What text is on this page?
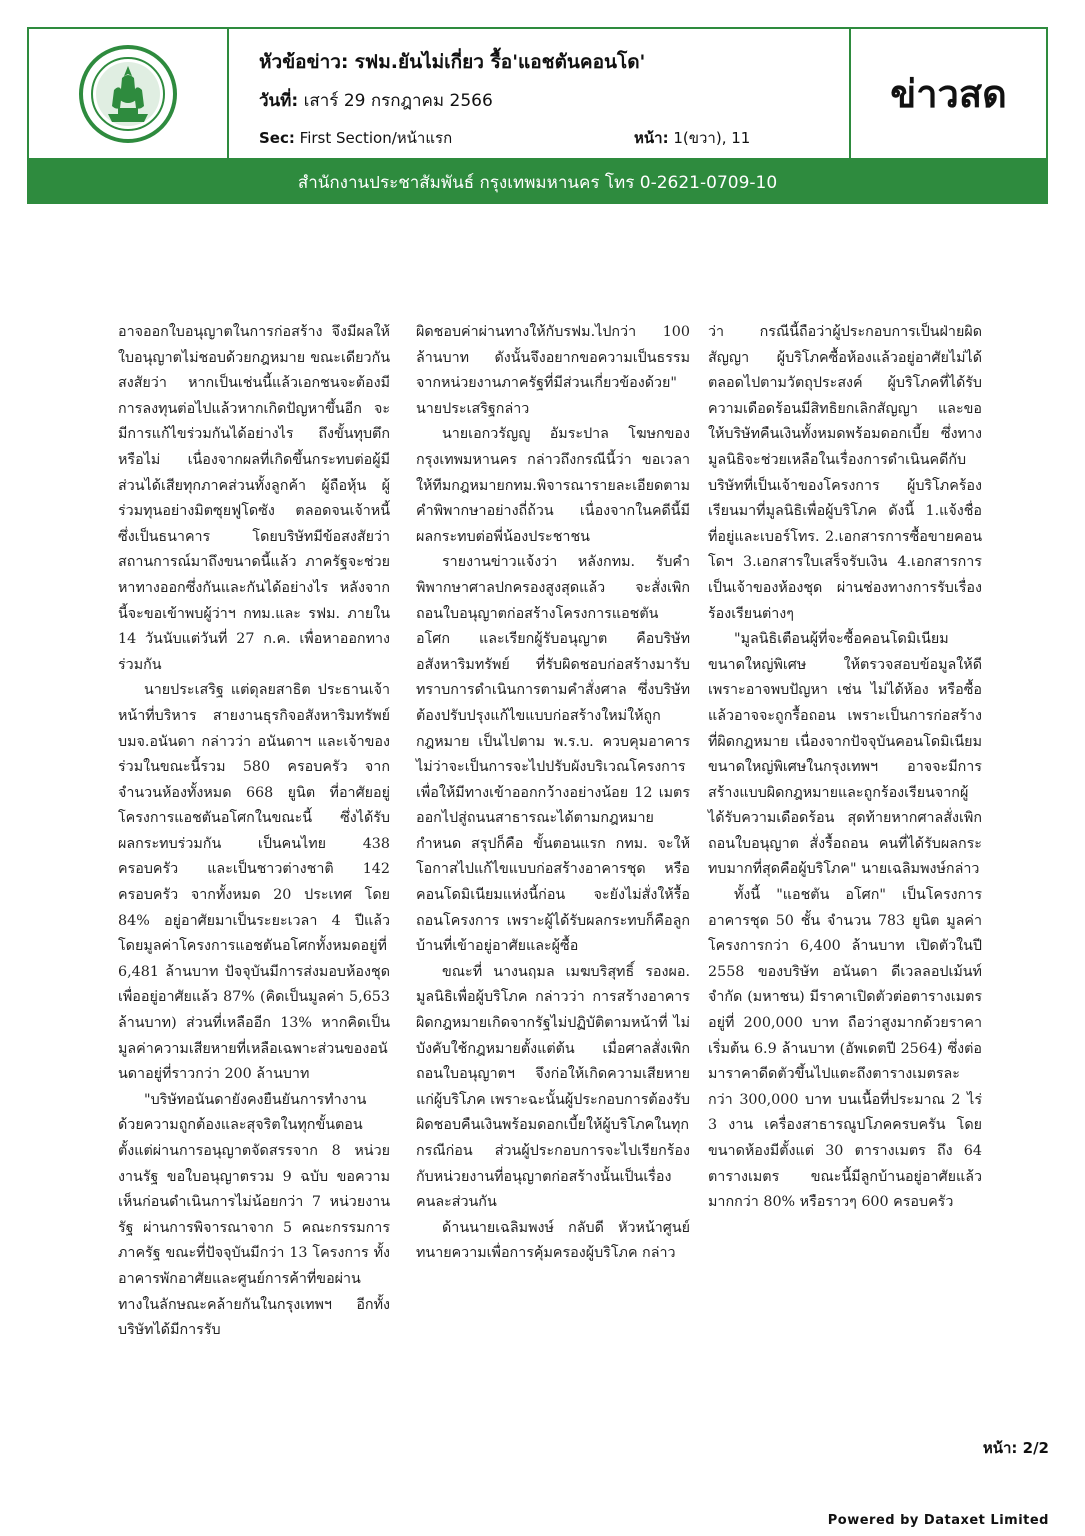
หัวข้อข่าว: รฟม.ยันไม่เกี่ยว รื้อ'แอชตันคอนโด'
วันที่: เสาร์ 29 กรกฎาคม 2566
Sec: First Section/หน้าแรก	หน้า: 1(ขวา), 11
ข่าวสด
สำนักงานประชาสัมพันธ์ กรุงเทพมหานคร โทร 0-2621-0709-10

อาจออกใบอนุญาตในการก่อสร้าง จึงมีผลให้ใบอนุญาตไม่ชอบด้วยกฎหมาย ขณะเดียวกันสงสัยว่า หากเป็นเช่นนี้แล้วเอกชนจะต้องมีการลงทุนต่อไปแล้วหากเกิดปัญหาขึ้นอีก จะมีการแก้ไขร่วมกันได้อย่างไร ถึงขั้นทุบตึกหรือไม่ เนื่องจากผลที่เกิดขึ้นกระทบต่อผู้มีส่วนได้เสียทุกภาคส่วนทั้งลูกค้า ผู้ถือหุ้น ผู้ร่วมทุนอย่างมิตซุยฟูโดซัง ตลอดจนเจ้าหนี้ซึ่งเป็นธนาคาร โดยบริษัทมีข้อสงสัยว่าสถานการณ์มาถึงขนาดนี้แล้ว ภาครัฐจะช่วยหาทางออกซึ่งกันและกันได้อย่างไร หลังจากนี้จะขอเข้าพบผู้ว่าฯ กทม.และ รฟม. ภายใน 14 วันนับแต่วันที่ 27 ก.ค. เพื่อหาออกทางร่วมกัน

นายประเสริฐ แต่ดุลยสาธิต ประธานเจ้าหน้าที่บริหาร สายงานธุรกิจอสังหาริมทรัพย์ บมจ.อนันดา กล่าวว่า อนันดาฯ และเจ้าของร่วมในขณะนี้รวม 580 ครอบครัว จากจำนวนห้องทั้งหมด 668 ยูนิต ที่อาศัยอยู่โครงการแอชตันอโศกในขณะนี้ ซึ่งได้รับผลกระทบร่วมกัน เป็นคนไทย 438 ครอบครัว และเป็นชาวต่างชาติ 142 ครอบครัว จากทั้งหมด 20 ประเทศ โดย 84% อยู่อาศัยมาเป็นระยะเวลา 4 ปีแล้ว โดยมูลค่าโครงการแอชตันอโศกทั้งหมดอยู่ที่ 6,481 ล้านบาท ปัจจุบันมีการส่งมอบห้องชุดเพื่ออยู่อาศัยแล้ว 87% (คิดเป็นมูลค่า 5,653 ล้านบาท) ส่วนที่เหลืออีก 13% หากคิดเป็นมูลค่าความเสียหายที่เหลือเฉพาะส่วนของอนันดาอยู่ที่ราวกว่า 200 ล้านบาท

"บริษัทอนันดายังคงยืนยันการทำงานด้วยความถูกต้องและสุจริตในทุกขั้นตอนตั้งแต่ผ่านการอนุญาตจัดสรรจาก 8 หน่วยงานรัฐ ขอใบอนุญาตรวม 9 ฉบับ ขอความเห็นก่อนดำเนินการไม่น้อยกว่า 7 หน่วยงานรัฐ ผ่านการพิจารณาจาก 5 คณะกรรมการภาครัฐ ขณะที่ปัจจุบันมีกว่า 13 โครงการ ทั้งอาคารพักอาศัยและศูนย์การค้าที่ขอผ่านทางในลักษณะคล้ายกันในกรุงเทพฯ อีกทั้งบริษัทได้มีการรับ

ผิดชอบค่าผ่านทางให้กับรฟม.ไปกว่า 100 ล้านบาท ดังนั้นจึงอยากขอความเป็นธรรมจากหน่วยงานภาครัฐที่มีส่วนเกี่ยวข้องด้วย" นายประเสริฐกล่าว

นายเอกวรัญญู อัมระปาล โฆษกของกรุงเทพมหานคร กล่าวถึงกรณีนี้ว่า ขอเวลาให้ทีมกฎหมายกทม.พิจารณารายละเอียดตามคำพิพากษาอย่างถี่ถ้วน เนื่องจากในคดีนี้มีผลกระทบต่อพี่น้องประชาชน

รายงานข่าวแจ้งว่า หลังกทม. รับคำพิพากษาศาลปกครองสูงสุดแล้ว จะสั่งเพิกถอนใบอนุญาตก่อสร้างโครงการแอชตัน อโศก และเรียกผู้รับอนุญาต คือบริษัท อสังหาริมทรัพย์ ที่รับผิดชอบก่อสร้างมารับทราบการดำเนินการตามคำสั่งศาล ซึ่งบริษัทต้องปรับปรุงแก้ไขแบบก่อสร้างใหม่ให้ถูกกฎหมาย เป็นไปตาม พ.ร.บ. ควบคุมอาคาร ไม่ว่าจะเป็นการจะไปปรับผังบริเวณโครงการ เพื่อให้มีทางเข้าออกกว้างอย่างน้อย 12 เมตร ออกไปสู่ถนนสาธารณะได้ตามกฎหมายกำหนด สรุปก็คือ ขั้นตอนแรก กทม. จะให้โอกาสไปแก้ไขแบบก่อสร้างอาคารชุด หรือคอนโดมิเนียมแห่งนี้ก่อน จะยังไม่สั่งให้รื้อถอนโครงการ เพราะผู้ได้รับผลกระทบก็คือลูกบ้านที่เข้าอยู่อาศัยและผู้ซื้อ

ขณะที่ นางนฤมล เมฆบริสุทธิ์ รองผอ. มูลนิธิเพื่อผู้บริโภค กล่าวว่า การสร้างอาคารผิดกฎหมายเกิดจากรัฐไม่ปฏิบัติตามหน้าที่ ไม่บังคับใช้กฎหมายตั้งแต่ต้น เมื่อศาลสั่งเพิกถอนใบอนุญาตฯ จึงก่อให้เกิดความเสียหายแก่ผู้บริโภค เพราะฉะนั้นผู้ประกอบการต้องรับผิดชอบคืนเงินพร้อมดอกเบี้ยให้ผู้บริโภคในทุกกรณีก่อน ส่วนผู้ประกอบการจะไปเรียกร้องกับหน่วยงานที่อนุญาตก่อสร้างนั้นเป็นเรื่องคนละส่วนกัน

ด้านนายเฉลิมพงษ์ กลับดี หัวหน้าศูนย์ทนายความเพื่อการคุ้มครองผู้บริโภค กล่าว

ว่า กรณีนี้ถือว่าผู้ประกอบการเป็นฝ่ายผิดสัญญา ผู้บริโภคซื้อห้องแล้วอยู่อาศัยไม่ได้ตลอดไปตามวัตถุประสงค์ ผู้บริโภคที่ได้รับความเดือดร้อนมีสิทธิยกเลิกสัญญา และขอให้บริษัทคืนเงินทั้งหมดพร้อมดอกเบี้ย ซึ่งทางมูลนิธิจะช่วยเหลือในเรื่องการดำเนินคดีกับบริษัทที่เป็นเจ้าของโครงการ ผู้บริโภคร้องเรียนมาที่มูลนิธิเพื่อผู้บริโภค ดังนี้ 1.แจ้งชื่อ ที่อยู่และเบอร์โทร. 2.เอกสารการซื้อขายคอนโดฯ 3.เอกสารใบเสร็จรับเงิน 4.เอกสารการเป็นเจ้าของห้องชุด ผ่านช่องทางการรับเรื่องร้องเรียนต่างๆ

"มูลนิธิเตือนผู้ที่จะซื้อคอนโดมิเนียมขนาดใหญ่พิเศษ ให้ตรวจสอบข้อมูลให้ดี เพราะอาจพบปัญหา เช่น ไม่ได้ห้อง หรือซื้อแล้วอาจจะถูกรื้อถอน เพราะเป็นการก่อสร้างที่ผิดกฎหมาย เนื่องจากปัจจุบันคอนโดมิเนียมขนาดใหญ่พิเศษในกรุงเทพฯ อาจจะมีการสร้างแบบผิดกฎหมายและถูกร้องเรียนจากผู้ได้รับความเดือดร้อน สุดท้ายหากศาลสั่งเพิกถอนใบอนุญาต สั่งรื้อถอน คนที่ได้รับผลกระทบมากที่สุดคือผู้บริโภค" นายเฉลิมพงษ์กล่าว

ทั้งนี้ "แอชตัน อโศก" เป็นโครงการอาคารชุด 50 ชั้น จำนวน 783 ยูนิต มูลค่าโครงการกว่า 6,400 ล้านบาท เปิดตัวในปี 2558 ของบริษัท อนันดา ดีเวลลอปเม้นท์ จำกัด (มหาชน) มีราคาเปิดตัวต่อตารางเมตรอยู่ที่ 200,000 บาท ถือว่าสูงมากด้วยราคาเริ่มต้น 6.9 ล้านบาท (อัพเดตปี 2564) ซึ่งต่อมาราคาดีดตัวขึ้นไปแตะถึงตารางเมตรละกว่า 300,000 บาท บนเนื้อที่ประมาณ 2 ไร่ 3 งาน เครื่องสาธารณูปโภคครบครัน โดยขนาดห้องมีตั้งแต่ 30 ตารางเมตร ถึง 64 ตารางเมตร ขณะนี้มีลูกบ้านอยู่อาศัยแล้วมากกว่า 80% หรือราวๆ 600 ครอบครัว

หน้า: 2/2
Powered by Dataxet Limited
